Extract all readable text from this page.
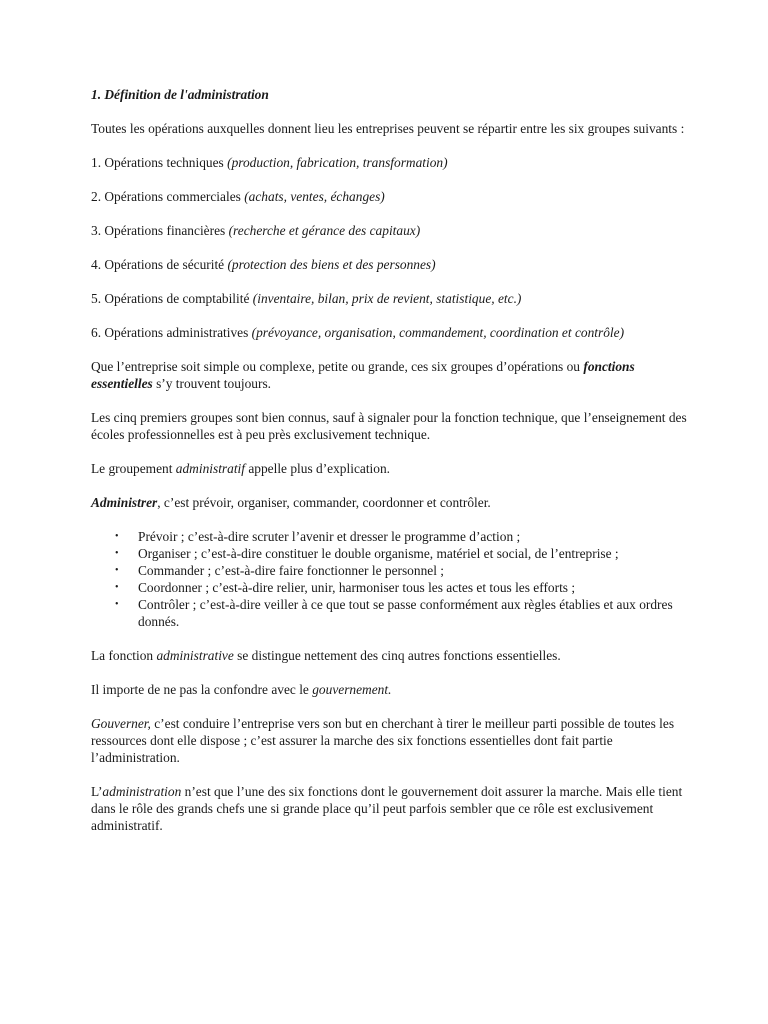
1. Définition de l'administration

Toutes les opérations auxquelles donnent lieu les entreprises peuvent se répartir entre les six groupes suivants :

1. Opérations techniques (production, fabrication, transformation)

2. Opérations commerciales (achats, ventes, échanges)

3. Opérations financières (recherche et gérance des capitaux)

4. Opérations de sécurité (protection des biens et des personnes)

5. Opérations de comptabilité (inventaire, bilan, prix de revient, statistique, etc.)

6. Opérations administratives (prévoyance, organisation, commandement, coordination et contrôle)

Que l’entreprise soit simple ou complexe, petite ou grande, ces six groupes d’opérations ou fonctions essentielles s’y trouvent toujours.

Les cinq premiers groupes sont bien connus, sauf à signaler pour la fonction technique, que l’enseignement des écoles professionnelles est à peu près exclusivement technique.

Le groupement administratif appelle plus d’explication.

Administrer, c’est prévoir, organiser, commander, coordonner et contrôler.

• Prévoir ; c’est-à-dire scruter l’avenir et dresser le programme d’action ;
• Organiser ; c’est-à-dire constituer le double organisme, matériel et social, de l’entreprise ;
• Commander ; c’est-à-dire faire fonctionner le personnel ;
• Coordonner ; c’est-à-dire relier, unir, harmoniser tous les actes et tous les efforts ;
• Contrôler ; c’est-à-dire veiller à ce que tout se passe conformément aux règles établies et aux ordres donnés.

La fonction administrative se distingue nettement des cinq autres fonctions essentielles.

Il importe de ne pas la confondre avec le gouvernement.

Gouverner, c’est conduire l’entreprise vers son but en cherchant à tirer le meilleur parti possible de toutes les ressources dont elle dispose ; c’est assurer la marche des six fonctions essentielles dont fait partie l’administration.

L’administration n’est que l’une des six fonctions dont le gouvernement doit assurer la marche. Mais elle tient dans le rôle des grands chefs une si grande place qu’il peut parfois sembler que ce rôle est exclusivement administratif.
